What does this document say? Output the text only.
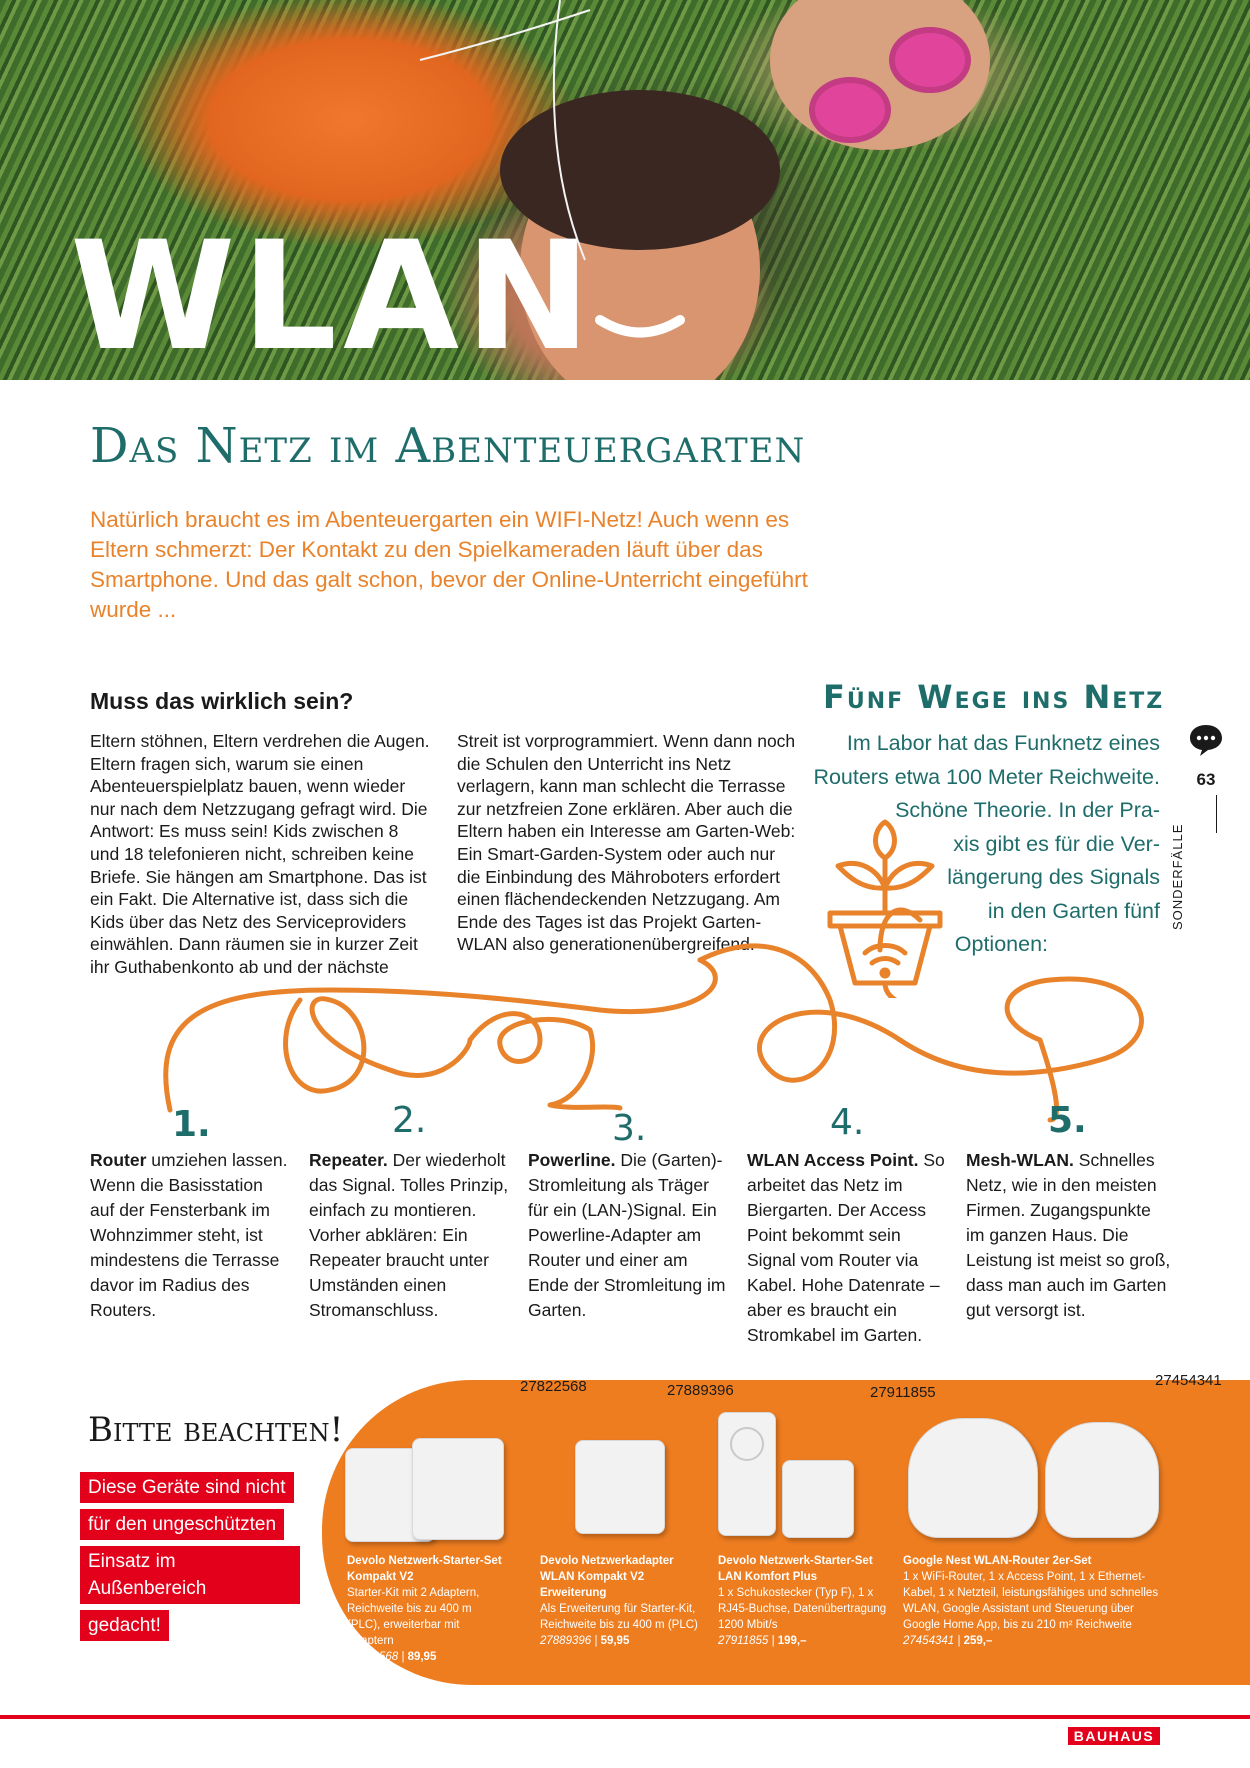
WLAN
Das Netz im Abenteuergarten
Natürlich braucht es im Abenteuergarten ein WIFI-Netz! Auch wenn es Eltern schmerzt: Der Kontakt zu den Spielkameraden läuft über das Smartphone. Und das galt schon, bevor der Online-Unterricht eingeführt wurde ...
Muss das wirklich sein?
Eltern stöhnen, Eltern verdrehen die Augen. Eltern fragen sich, warum sie einen Abenteuerspielplatz bauen, wenn wieder nur nach dem Netzzugang gefragt wird. Die Antwort: Es muss sein! Kids zwischen 8 und 18 telefonieren nicht, schreiben keine Briefe. Sie hängen am Smartphone. Das ist ein Fakt. Die Alternative ist, dass sich die Kids über das Netz des Serviceproviders einwählen. Dann räumen sie in kurzer Zeit ihr Guthabenkonto ab und der nächste
Streit ist vorprogrammiert. Wenn dann noch die Schulen den Unterricht ins Netz verlagern, kann man schlecht die Terrasse zur netzfreien Zone erklären. Aber auch die Eltern haben ein Interesse am Garten-Web: Ein Smart-Garden-System oder auch nur die Einbindung des Mähroboters erfordert einen flächendeckenden Netzzugang. Am Ende des Tages ist das Projekt Garten-WLAN also generationenübergreifend.
Fünf Wege ins Netz
Im Labor hat das Funknetz eines
Routers etwa 100 Meter Reichweite.
Schöne Theorie. In der Pra-
xis gibt es für die Ver-
längerung des Signals
in den Garten fünf
Optionen:
63
SONDERFÄLLE
1.	2.	3.	4.	5.
Router umziehen lassen. Wenn die Basisstation auf der Fensterbank im Wohnzimmer steht, ist mindestens die Terrasse davor im Radius des Routers.
Repeater. Der wiederholt das Signal. Tolles Prinzip, einfach zu montieren. Vorher abklären: Ein Repeater braucht unter Umständen einen Stromanschluss.
Powerline. Die (Garten)-Stromleitung als Träger für ein (LAN-)Signal. Ein Powerline-Adapter am Router und einer am Ende der Stromleitung im Garten.
WLAN Access Point. So arbeitet das Netz im Biergarten. Der Access Point bekommt sein Signal vom Router via Kabel. Hohe Datenrate – aber es braucht ein Stromkabel im Garten.
Mesh-WLAN. Schnelles Netz, wie in den meisten Firmen. Zugangspunkte im ganzen Haus. Die Leistung ist meist so groß, dass man auch im Garten gut versorgt ist.
Bitte beachten!
Diese Geräte sind nicht
für den ungeschützten
Einsatz im Außenbereich
gedacht!
27822568	27889396	27911855
27454341
Devolo Netzwerk-Starter-Set Kompakt V2
Starter-Kit mit 2 Adaptern, Reichweite bis zu 400 m (PLC), erweiterbar mit Adaptern
27822568 | 89,95
Devolo Netzwerkadapter WLAN Kompakt V2 Erweiterung
Als Erweiterung für Starter-Kit, Reichweite bis zu 400 m (PLC)
27889396 | 59,95
Devolo Netzwerk-Starter-Set LAN Komfort Plus
1 x Schukostecker (Typ F), 1 x RJ45-Buchse, Datenübertragung 1200 Mbit/s
27911855 | 199,–
Google Nest WLAN-Router 2er-Set
1 x WiFi-Router, 1 x Access Point, 1 x Ethernet-Kabel, 1 x Netzteil, leistungsfähiges und schnelles WLAN, Google Assistant und Steuerung über Google Home App, bis zu 210 m² Reichweite
27454341 | 259,–
BAUHAUS
